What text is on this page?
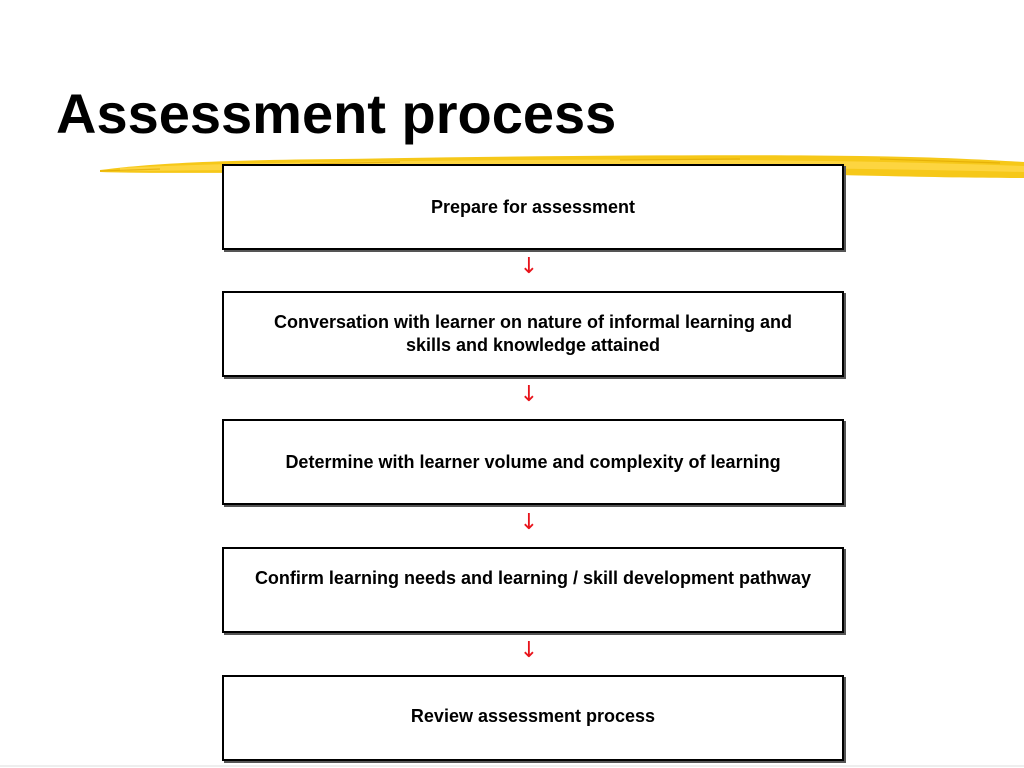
Assessment process
Prepare for assessment
↓
Conversation with learner on nature of informal learning and skills and knowledge attained
↓
Determine with learner volume and complexity of learning
↓
Confirm learning needs and learning / skill development pathway
↓
Review assessment process
